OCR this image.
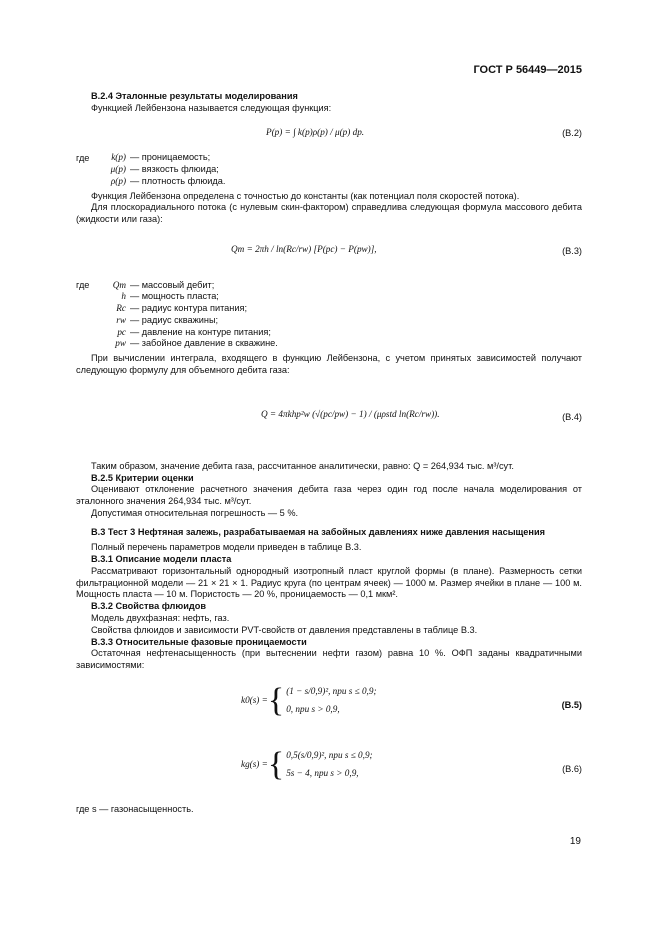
ГОСТ Р 56449—2015

В.2.4 Эталонные результаты моделирования

Функцией Лейбензона называется следующая функция:

P(p) = ∫ k(p)ρ(p) / μ(p) dp.	(В.2)
где	k(p) — проницаемость;
μ(p) — вязкость флюида;
ρ(p) — плотность флюида.

Функция Лейбензона определена с точностью до константы (как потенциал поля скоростей потока).

Для плоскорадиального потока (с нулевым скин-фактором) справедлива следующая формула массового дебита (жидкости или газа):

Qm = 2πh / ln(Rc/rw) [P(pc) − P(pw)],	(В.3)
где	Qm — массовый дебит;
h — мощность пласта;
Rc — радиус контура питания;
rw — радиус скважины;
pc — давление на контуре питания;
pw — забойное давление в скважине.

При вычислении интеграла, входящего в функцию Лейбензона, с учетом принятых зависимостей получают следующую формулу для объемного дебита газа:

Q = 4πkhp²w (√(pc/pw) − 1) / (μρstd ln(Rc/rw)).	(В.4)

Таким образом, значение дебита газа, рассчитанное аналитически, равно: Q = 264,934 тыс. м³/сут.

В.2.5 Критерии оценки

Оценивают отклонение расчетного значения дебита газа через один год после начала моделирования от эталонного значения 264,934 тыс. м³/сут.

Допустимая относительная погрешность — 5 %.

В.3 Тест 3 Нефтяная залежь, разрабатываемая на забойных давлениях ниже давления насыщения

Полный перечень параметров модели приведен в таблице В.3.

В.3.1 Описание модели пласта

Рассматривают горизонтальный однородный изотропный пласт круглой формы (в плане). Размерность сетки фильтрационной модели — 21 × 21 × 1. Радиус круга (по центрам ячеек) — 1000 м. Размер ячейки в плане — 100 м. Мощность пласта — 10 м. Пористость — 20 %, проницаемость — 0,1 мкм².

В.3.2 Свойства флюидов

Модель двухфазная: нефть, газ.

Свойства флюидов и зависимости PVT-свойств от давления представлены в таблице В.3.

В.3.3 Относительные фазовые проницаемости

Остаточная нефтенасыщенность (при вытеснении нефти газом) равна 10 %. ОФП заданы квадратичными зависимостями:

k0(s) = { (1 − s/0,9)², при s ≤ 0,9;
0, при s > 0,9,	(В.5)
kg(s) = { 0,5(s/0,9)², при s ≤ 0,9;
5s − 4, при s > 0,9,	(В.6)

где s — газонасыщенность.

19
